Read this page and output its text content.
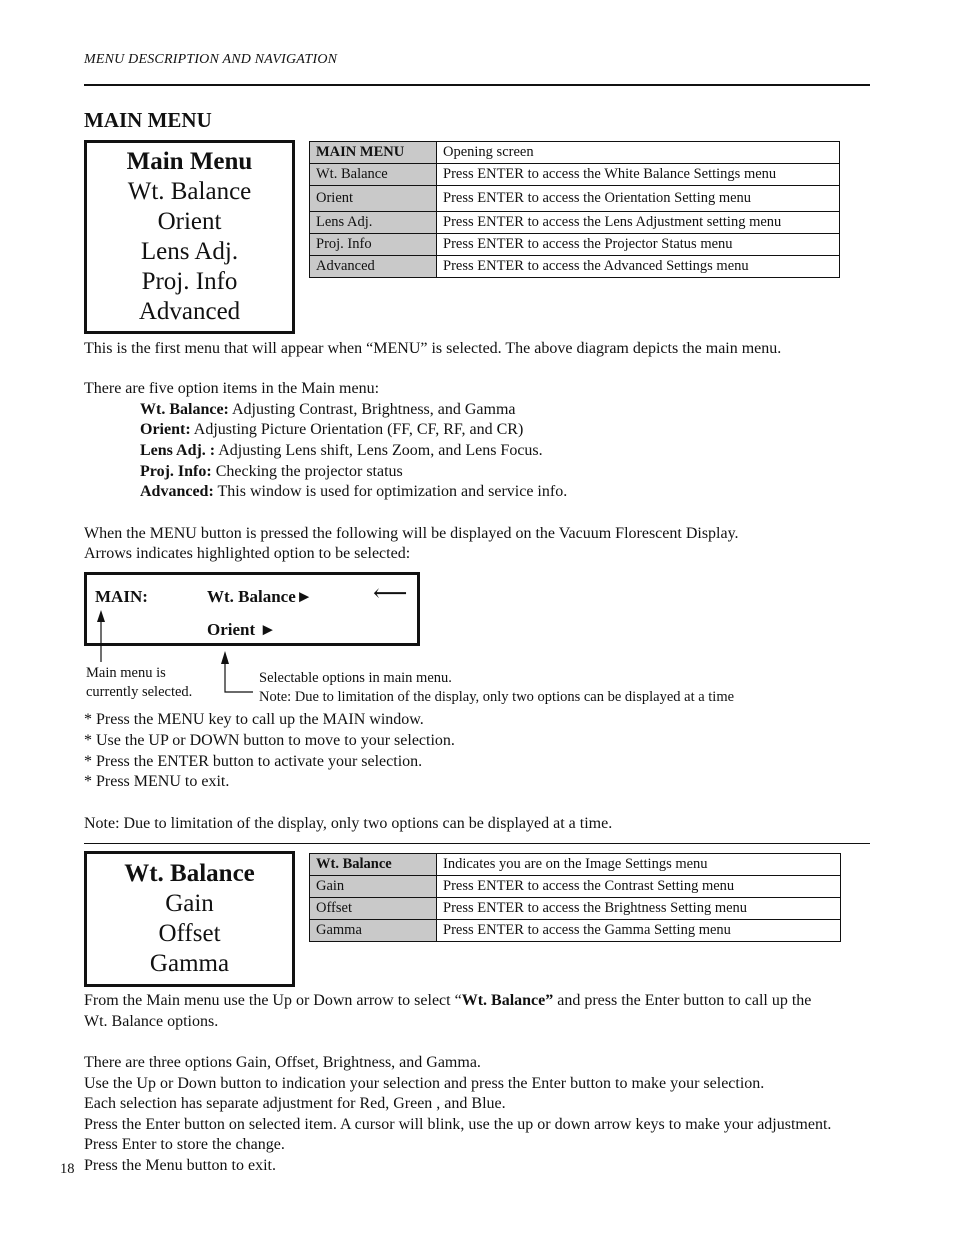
MENU DESCRIPTION AND NAVIGATION
MAIN MENU
Main Menu
Wt. Balance
Orient
Lens Adj.
Proj. Info
Advanced
MAIN MENU	Opening screen
Wt. Balance	Press ENTER to access the White Balance Settings menu
Orient	Press ENTER to access the Orientation Setting menu
Lens Adj.	Press ENTER to access the Lens Adjustment setting menu
Proj. Info	Press ENTER to access the Projector Status menu
Advanced	Press ENTER to access the Advanced Settings menu
This is the first menu that will appear when “MENU” is selected. The above diagram depicts the main menu.
There are five option items in the Main menu:
Wt. Balance: Adjusting Contrast, Brightness, and Gamma
Orient: Adjusting Picture Orientation (FF, CF, RF, and CR)
Lens Adj. : Adjusting Lens shift, Lens Zoom, and Lens Focus.
Proj. Info: Checking the projector status
Advanced: This window is used for optimization and service info.
When the MENU button is pressed the following will be displayed on the Vacuum Florescent Display.
Arrows indicates highlighted option to be selected:
MAIN:	Wt. Balance►
Orient ►
⟵
Main menu is
currently selected.
Selectable options in main menu.
Note: Due to limitation of the display, only two options can be displayed at a time
* Press the MENU key to call up the MAIN window.
* Use the UP or DOWN button to move to your selection.
* Press the ENTER button to activate your selection.
* Press MENU to exit.
Note: Due to limitation of the display, only two options can be displayed at a time.
Wt. Balance
Gain
Offset
Gamma
Wt. Balance	Indicates you are on the Image Settings menu
Gain	Press ENTER to access the Contrast Setting menu
Offset	Press ENTER to access the Brightness Setting menu
Gamma	Press ENTER to access the Gamma Setting menu
From the Main menu use the Up or Down arrow to select “Wt. Balance” and press the Enter button to call up the
Wt. Balance options.
There are three options Gain, Offset, Brightness, and Gamma.
Use the Up or Down button to indication your selection and press the Enter button to make your selection.
Each selection has separate adjustment for Red, Green , and Blue.
Press the Enter button on selected item. A cursor will blink, use the up or down arrow keys to make your adjustment.
Press Enter to store the change.
Press the Menu button to exit.
18
